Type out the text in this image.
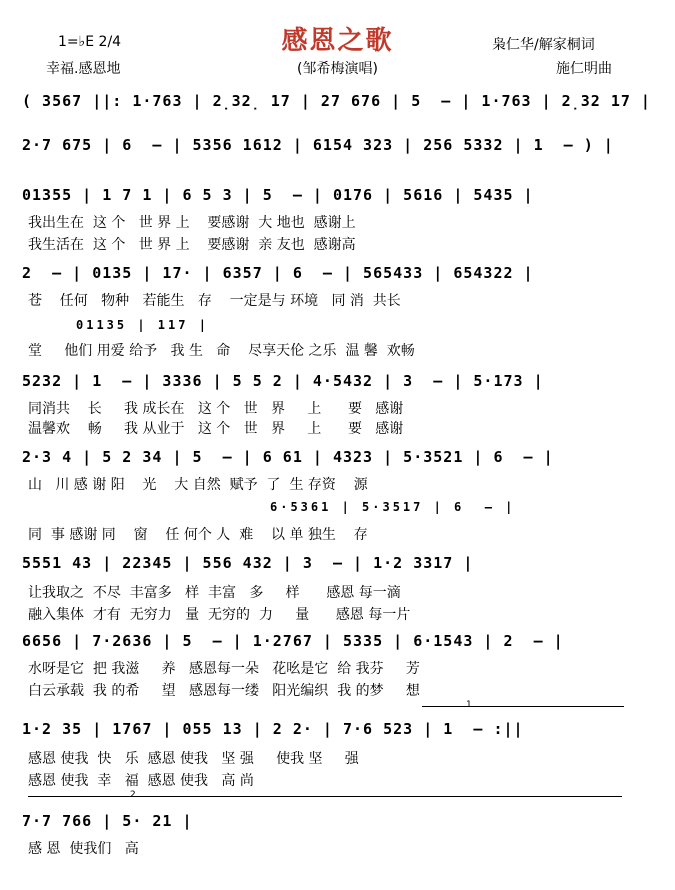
感恩之歌
1=♭E 2/4
幸福.感恩地	(邹希梅演唱)
枭仁华/解家桐词
施仁明曲
( 3567 ||: 1·763 | 2̣32̣ 17 | 27 676 | 5  – | 1·763 | 2̣32 17 |
2·7 675 | 6  – | 5356 1612 | 6154 323 | 256 5332 | 1  – ) |
01355 | 1 7 1 | 6 5 3 | 5  – | 0176 | 5616 | 5435 |
我出生在  这 个   世 界 上    要感谢  大 地也  感谢上
我生活在  这 个   世 界 上    要感谢  亲 友也  感谢高
2  – | 0135 | 17· | 6357 | 6  – | 565433 | 654322 |
苍    任何   物种   若能生   存    一定是与 环境   同 消  共长
01135 | 117 |
堂     他们 用爱 给予   我 生   命    尽享天伦 之乐  温 馨  欢畅
5232 | 1  – | 3336 | 5 5 2 | 4·5432 | 3  – | 5·173 |
同消共    长     我 成长在   这 个   世   界     上      要   感谢
温馨欢    畅     我 从业于   这 个   世   界     上      要   感谢
2·3 4 | 5 2 34 | 5  – | 6 61 | 4323 | 5·3521 | 6  – |
山   川 感 谢 阳    光    大 自然  赋予  了  生 存资    源
6·5361 | 5·3517 | 6  – |
同  事 感谢 同    窗    任 何个 人  难    以 单 独生    存
5551 43 | 22345 | 556 432 | 3  – | 1·2 3317 |
让我取之  不尽  丰富多   样  丰富   多     样      感恩 每一滴
融入集体  才有  无穷力   量  无穷的  力     量      感恩 每一片
6656 | 7·2636 | 5  – | 1·2767 | 5335 | 6·1543 | 2  – |
水呀是它  把 我滋     养   感恩每一朵   花吆是它  给 我芬     芳
白云承载  我 的希     望   感恩每一缕   阳光编织  我 的梦     想
1
1·2 35 | 1767 | 055 13 | 2 2· | 7·6 523 | 1  – :||
感恩 使我  快   乐  感恩 使我   坚 强     使我 坚     强
感恩 使我  幸   福  感恩 使我   高 尚
2
7·7 766 | 5· 21 |
感 恩  使我们   高
